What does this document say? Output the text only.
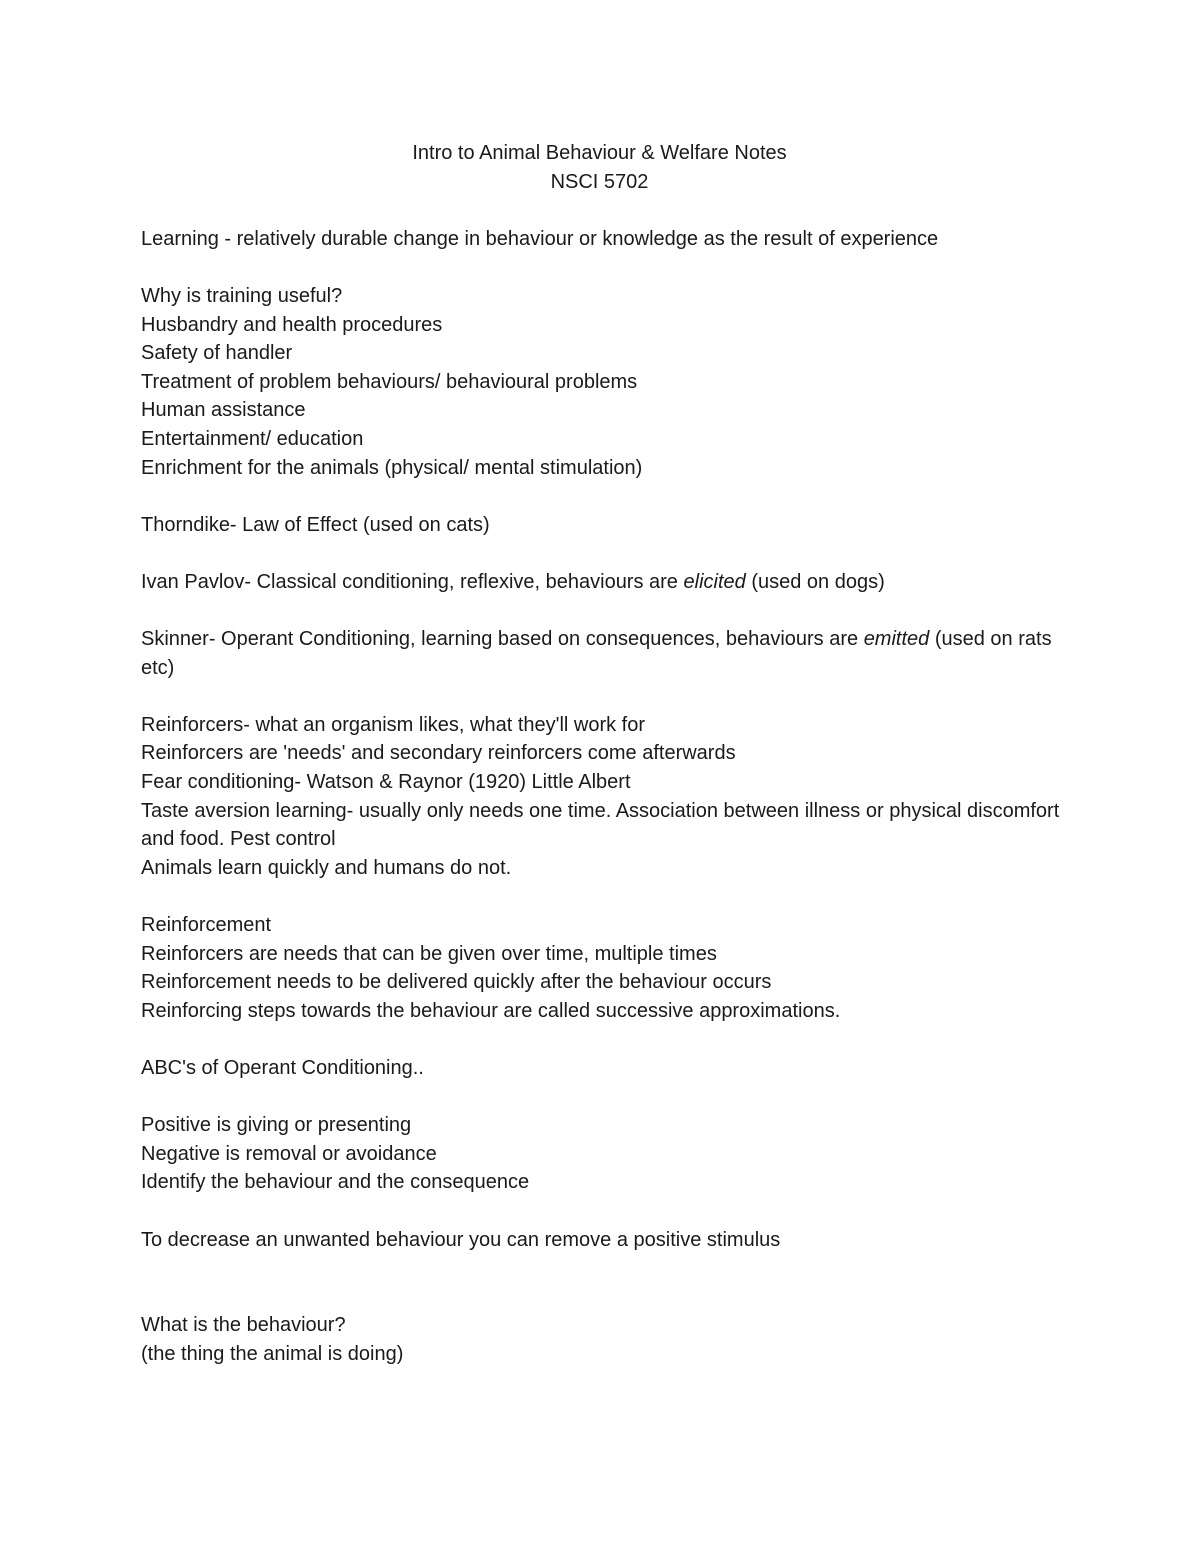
Intro to Animal Behaviour & Welfare Notes
NSCI 5702
Learning - relatively durable change in behaviour or knowledge as the result of experience
Why is training useful?
Husbandry and health procedures
Safety of handler
Treatment of problem behaviours/ behavioural problems
Human assistance
Entertainment/ education
Enrichment for the animals (physical/ mental stimulation)
Thorndike- Law of Effect (used on cats)
Ivan Pavlov- Classical conditioning, reflexive, behaviours are elicited (used on dogs)
Skinner- Operant Conditioning, learning based on consequences, behaviours are emitted (used on rats etc)
Reinforcers- what an organism likes, what they'll work for
Reinforcers are 'needs' and secondary reinforcers come afterwards
Fear conditioning- Watson & Raynor (1920) Little Albert
Taste aversion learning- usually only needs one time. Association between illness or physical discomfort and food. Pest control
Animals learn quickly and humans do not.
Reinforcement
Reinforcers are needs that can be given over time, multiple times
Reinforcement needs to be delivered quickly after the behaviour occurs
Reinforcing steps towards the behaviour are called successive approximations.
ABC's of Operant Conditioning..
Positive is giving or presenting
Negative is removal or avoidance
Identify the behaviour and the consequence
To decrease an unwanted behaviour you can remove a positive stimulus
What is the behaviour?
(the thing the animal is doing)
